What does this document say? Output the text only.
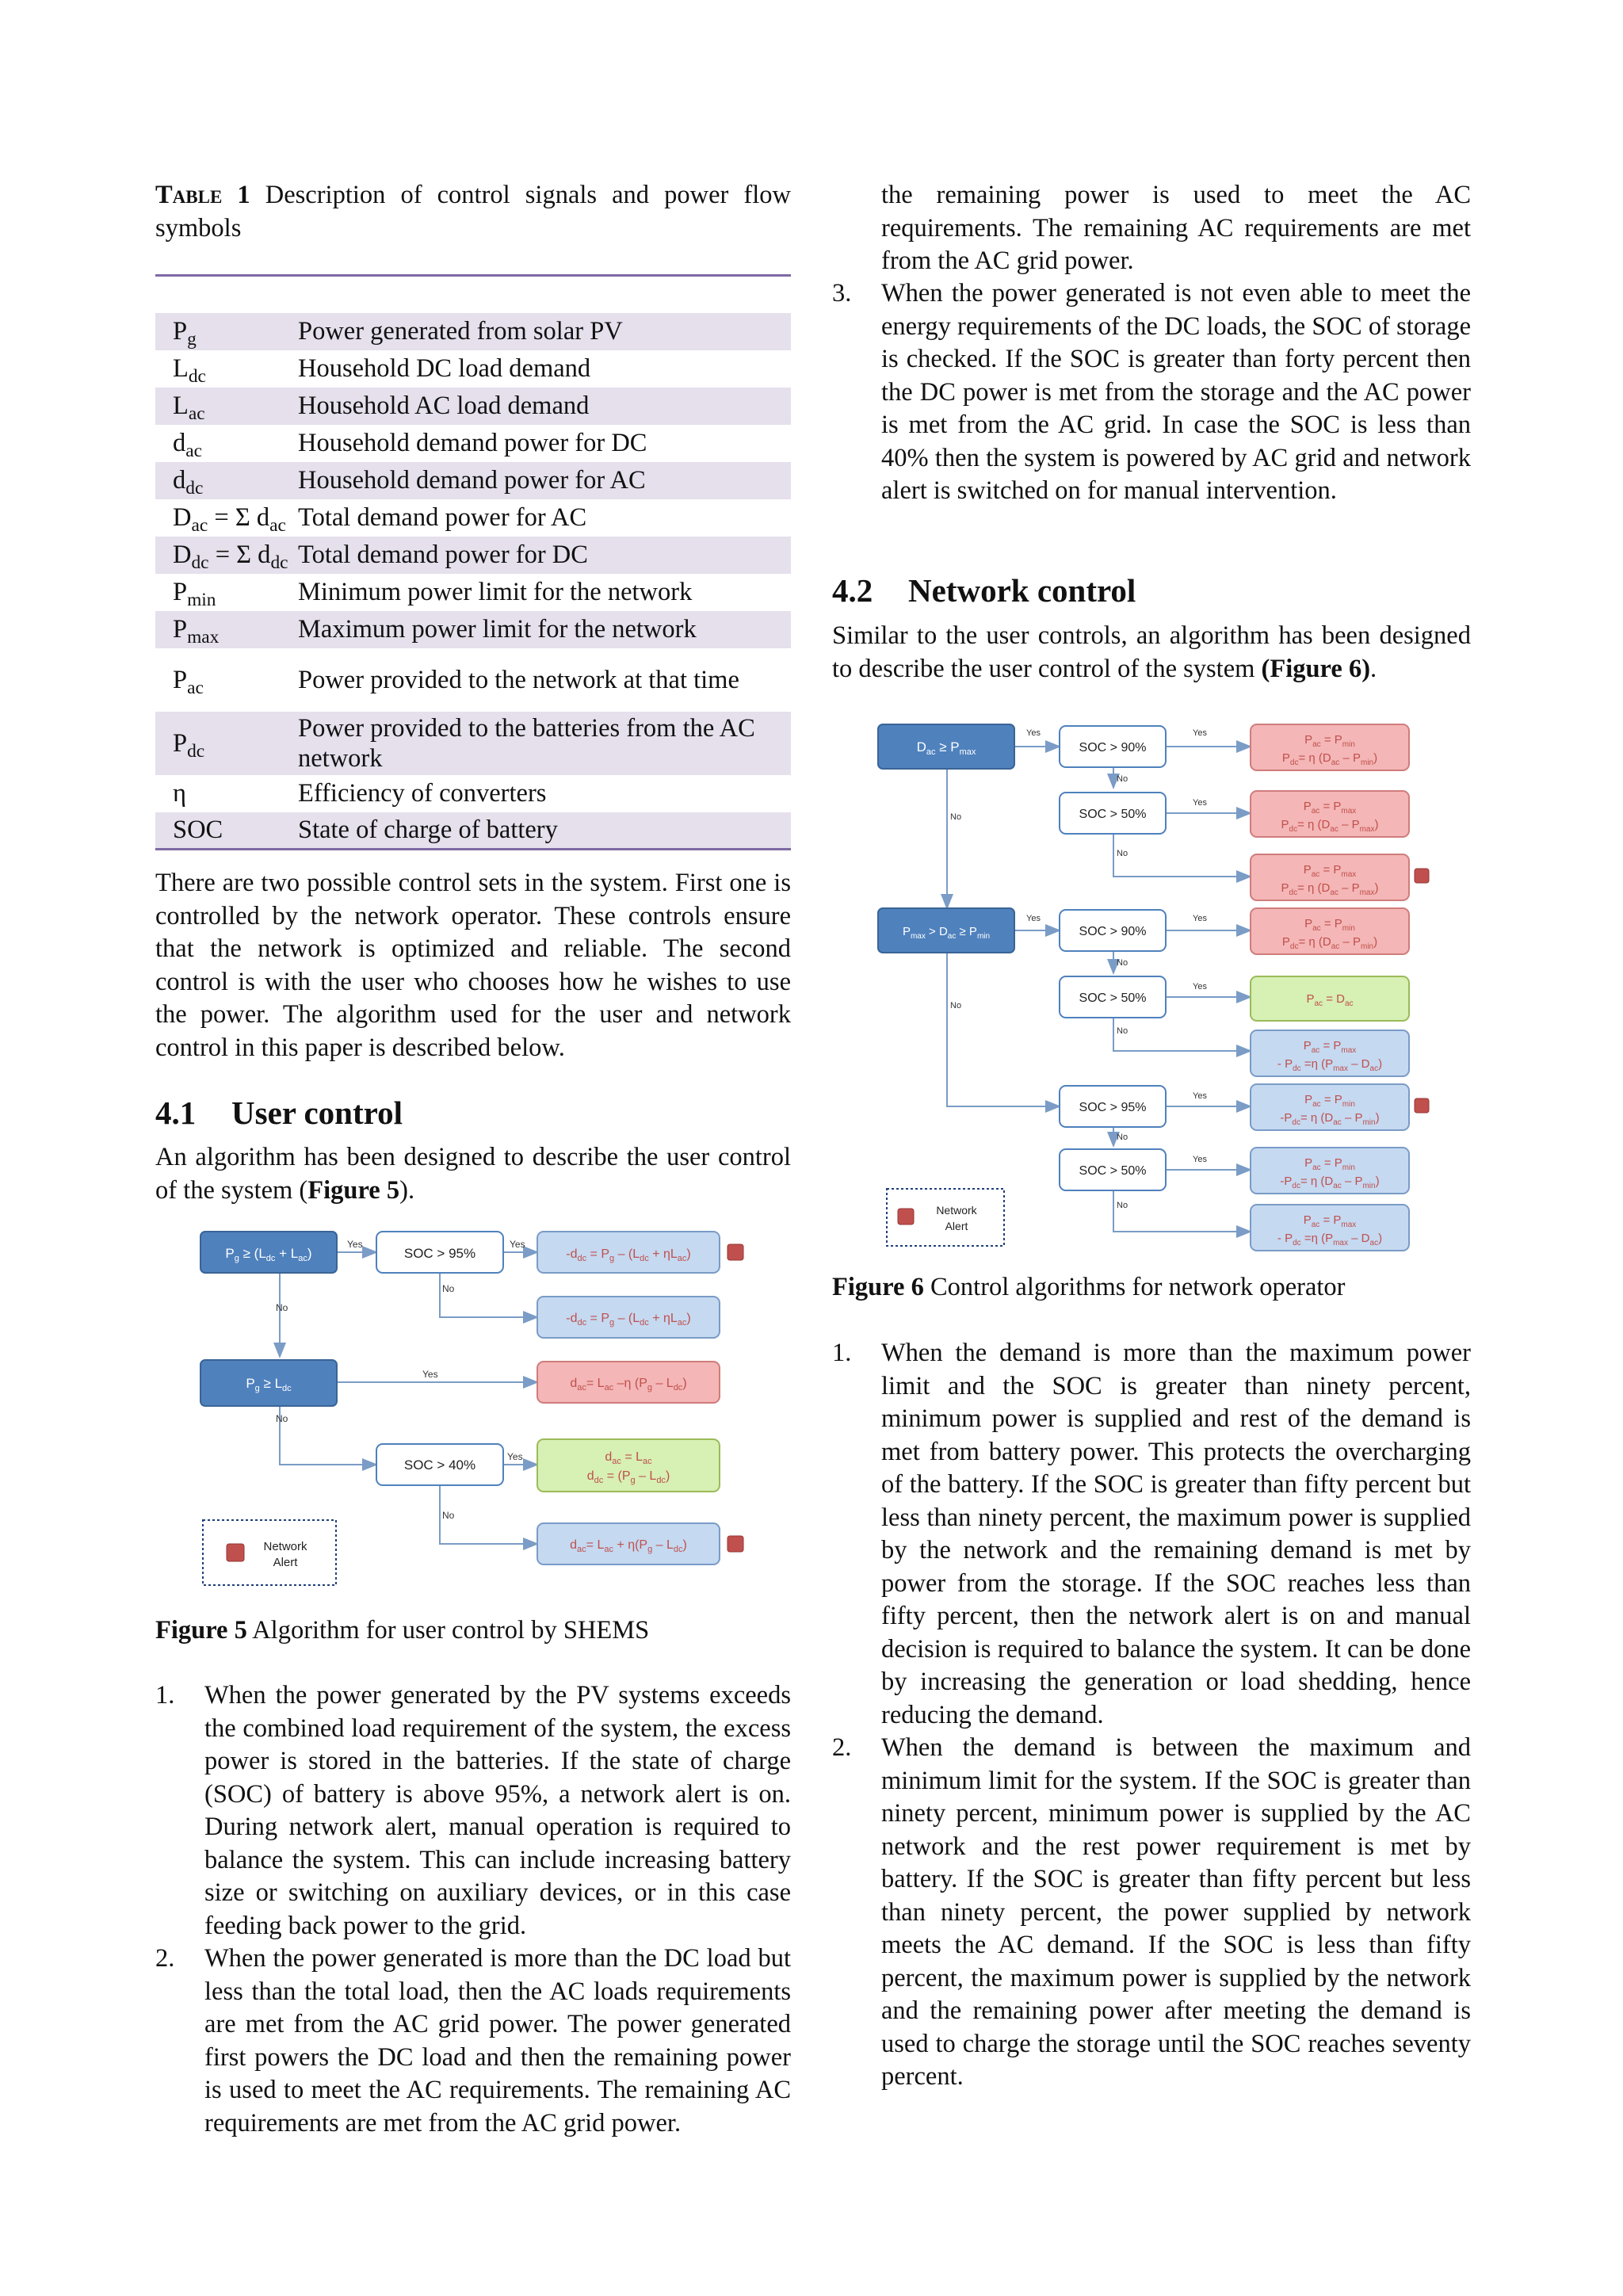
Table 1 Description of control signals and power flow symbols

$P_g$	Power generated from solar PV
$L_{dc}$	Household DC load demand
$L_{ac}$	Household AC load demand
$d_{ac}$	Household demand power for DC
$d_{dc}$	Household demand power for AC
$D_{ac} = \Sigma$ $d_{ac}$	Total demand power for AC
$D_{dc} = \Sigma$ $d_{dc}$	Total demand power for DC
$P_{min}$	Minimum power limit for the network
$P_{max}$	Maximum power limit for the network
$P_{ac}$	Power provided to the network at that time
$P_{dc}$	Power provided to the batteries from the AC network
η	Efficiency of converters
SOC	State of charge of battery

There are two possible control sets in the system. First one is controlled by the network operator. These controls ensure that the network is optimized and reliable. The second control is with the user who chooses how he wishes to use the power. The algorithm used for the user and network control in this paper is described below.

4.1 User control

An algorithm has been designed to describe the user control of the system (Figure 5).

Yes	Yes
No
No
Yes
No
Yes
No
$P_g \ge (L_{dc} + L_{ac})$	SOC > 95%	$-d_{dc} = P_g - (L_{dc} + \eta L_{ac})$
$-d_{dc} = P_g - (L_{dc} + \eta L_{ac})$
$P_g \ge L_{dc}$	$d_{ac}= L_{ac}$ –η $(P_g - L_{dc})$
SOC > 40%
$d_{ac} = L_{ac}$
$d_{dc} = (P_g - L_{dc})$
Network
Alert
$d_{ac}= L_{ac} + \eta(P_g - L_{dc})$

Figure 5 Algorithm for user control by SHEMS

1. When the power generated by the PV systems exceeds the combined load requirement of the system, the excess power is stored in the batteries. If the state of charge (SOC) of battery is above 95%, a network alert is on. During network alert, manual operation is required to balance the system. This can include increasing battery size or switching on auxiliary devices, or in this case feeding back power to the grid.
2. When the power generated is more than the DC load but less than the total load, then the AC loads requirements are met from the AC grid power. The power generated first powers the DC load and then the remaining power is used to meet the AC requirements. The remaining AC requirements are met from the AC grid power.

the remaining power is used to meet the AC requirements. The remaining AC requirements are met from the AC grid power.

3. When the power generated is not even able to meet the energy requirements of the DC loads, the SOC of storage is checked. If the SOC is greater than forty percent then the DC power is met from the storage and the AC power is met from the AC grid. In case the SOC is less than 40% then the system is powered by AC grid and network alert is switched on for manual intervention.
4.2 Network control

Similar to the user controls, an algorithm has been designed to describe the user control of the system (Figure 6).

Yes	Yes
No
Yes
No
No
Yes	Yes
No
Yes
No
No
Yes
No
Yes
No
$D_{ac} \ge P_{max}$	SOC > 90%
$P_{ac} = P_{min}$
$P_{dc}= \eta$ $(D_{ac} - P_{min})$
SOC > 50%
$P_{ac} = P_{max}$
$P_{dc}= \eta$ $(D_{ac} - P_{max})$
$P_{ac} = P_{max}$
$P_{dc}= \eta$ $(D_{ac} - P_{max})$
$P_{max} > D_{ac} \ge P_{min}$	SOC > 90%
$P_{ac} = P_{min}$
$P_{dc}= \eta$ $(D_{ac} - P_{min})$
SOC > 50%	$P_{ac} = D_{ac}$
$P_{ac} = P_{max}$
- $P_{dc} =\eta$ $(P_{max} - D_{ac})$
SOC > 95%
$P_{ac} = P_{min}$
$-P_{dc}= \eta$ $(D_{ac} - P_{min})$
SOC > 50%
$P_{ac} = P_{min}$
$-P_{dc}= \eta$ $(D_{ac} - P_{min})$
Network
Alert	$P_{ac} = P_{max}$
- $P_{dc} =\eta$ $(P_{max} - D_{ac})$

Figure 6 Control algorithms for network operator

1. When the demand is more than the maximum power limit and the SOC is greater than ninety percent, minimum power is supplied and rest of the demand is met from battery power. This protects the overcharging of the battery. If the SOC is greater than fifty percent but less than ninety percent, the maximum power is supplied by the network and the remaining demand is met by power from the storage. If the SOC reaches less than fifty percent, then the network alert is on and manual decision is required to balance the system. It can be done by increasing the generation or load shedding, hence reducing the demand.
2. When the demand is between the maximum and minimum limit for the system. If the SOC is greater than ninety percent, minimum power is supplied by the AC network and the rest power requirement is met by battery. If the SOC is greater than fifty percent but less than ninety percent, the power supplied by network meets the AC demand. If the SOC is less than fifty percent, the maximum power is supplied by the network and the remaining power after meeting the demand is used to charge the storage until the SOC reaches seventy percent.
